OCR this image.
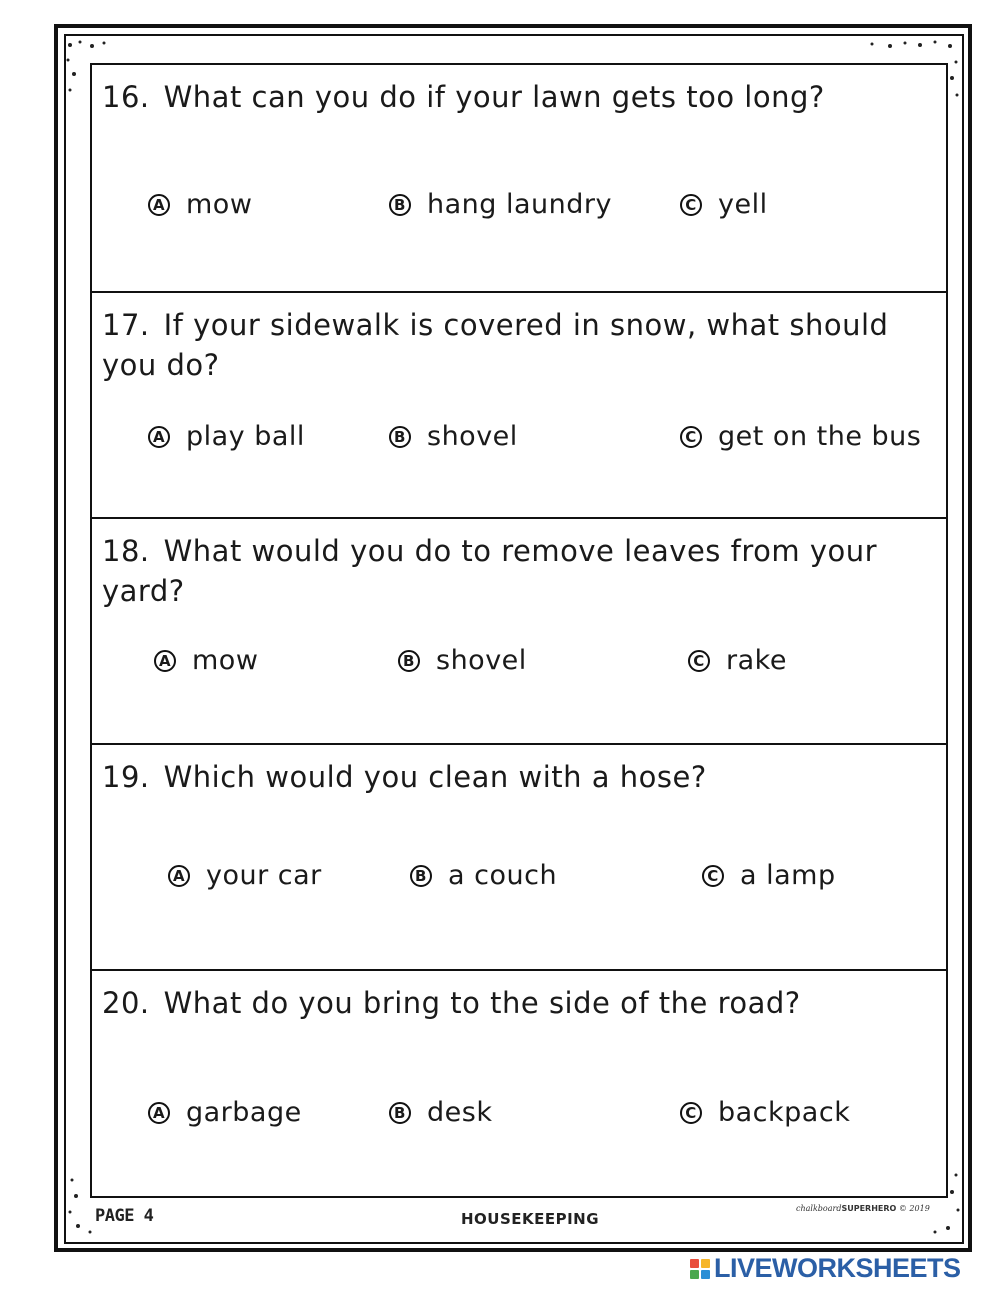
16. What can you do if your lawn gets too long?
A mow	B hang laundry	C yell
17. If your sidewalk is covered in snow, what should you do?
A play ball	B shovel	C get on the bus
18. What would you do to remove leaves from your yard?
A mow	B shovel	C rake
19. Which would you clean with a hose?
A your car	B a couch	C a lamp
20. What do you bring to the side of the road?
A garbage	B desk	C backpack
PAGE 4	HOUSEKEEPING
chalkboardSUPERHERO © 2019
LIVEWORKSHEETS
